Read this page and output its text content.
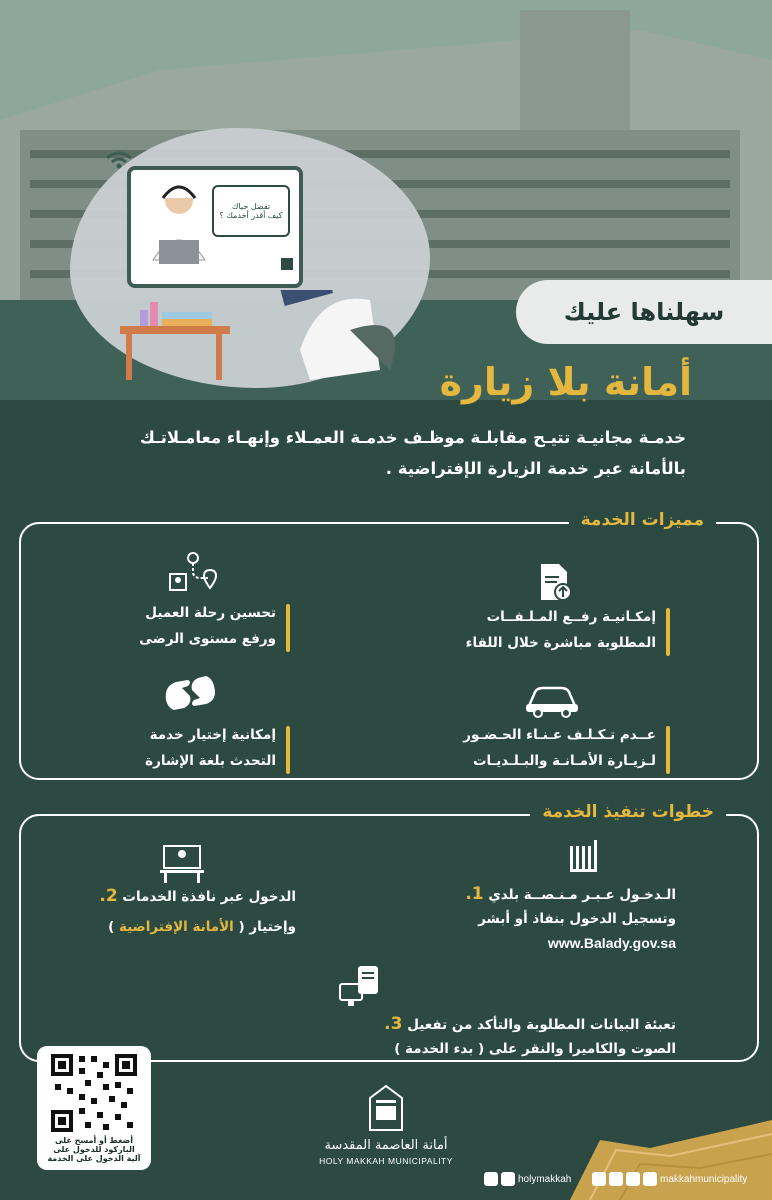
تفضل حياك
كيف أقدر أخدمك ؟
سهلناها عليك
أمانة بلا زيارة
خدمـة مجانيـة تتيـح مقابلـة موظـف خدمـة العمـلاء وإنهـاء معامـلاتـك
بالأمانة عبر خدمة الزيارة الإفتراضية .
مميزات الخدمة
إمكـانيـة رفــع المـلـفــات
المطلوبة مباشرة خلال اللقاء
تحسين رحلة العميل
ورفع مستوى الرضى
عــدم تـكـلـف عـنـاء الحـضـور
لـزيـارة الأمـانـة والبـلـديـات
إمكانية إختيار خدمة
التحدث بلغة الإشارة
خطوات تنفيذ الخدمة
الـدخـول عـبـر مـنـصــة بلدي 1.
وتسجيل الدخول بنفاذ أو أبشر
www.Balady.gov.sa
الدخول عبر نافذة الخدمات 2.
وإختيار ( الأمانة الإفتراضية )
تعبئة البيانات المطلوبة والتأكد من تفعيل 3.
الصوت والكاميرا والنقر على ( بدء الخدمة )
أضغط أو أمسح على
الباركود للدخول على
آلية الدخول على الخدمة
أمانة العاصمة المقدسة
HOLY MAKKAH MUNICIPALITY
holymakkah	makkahmunicipality
